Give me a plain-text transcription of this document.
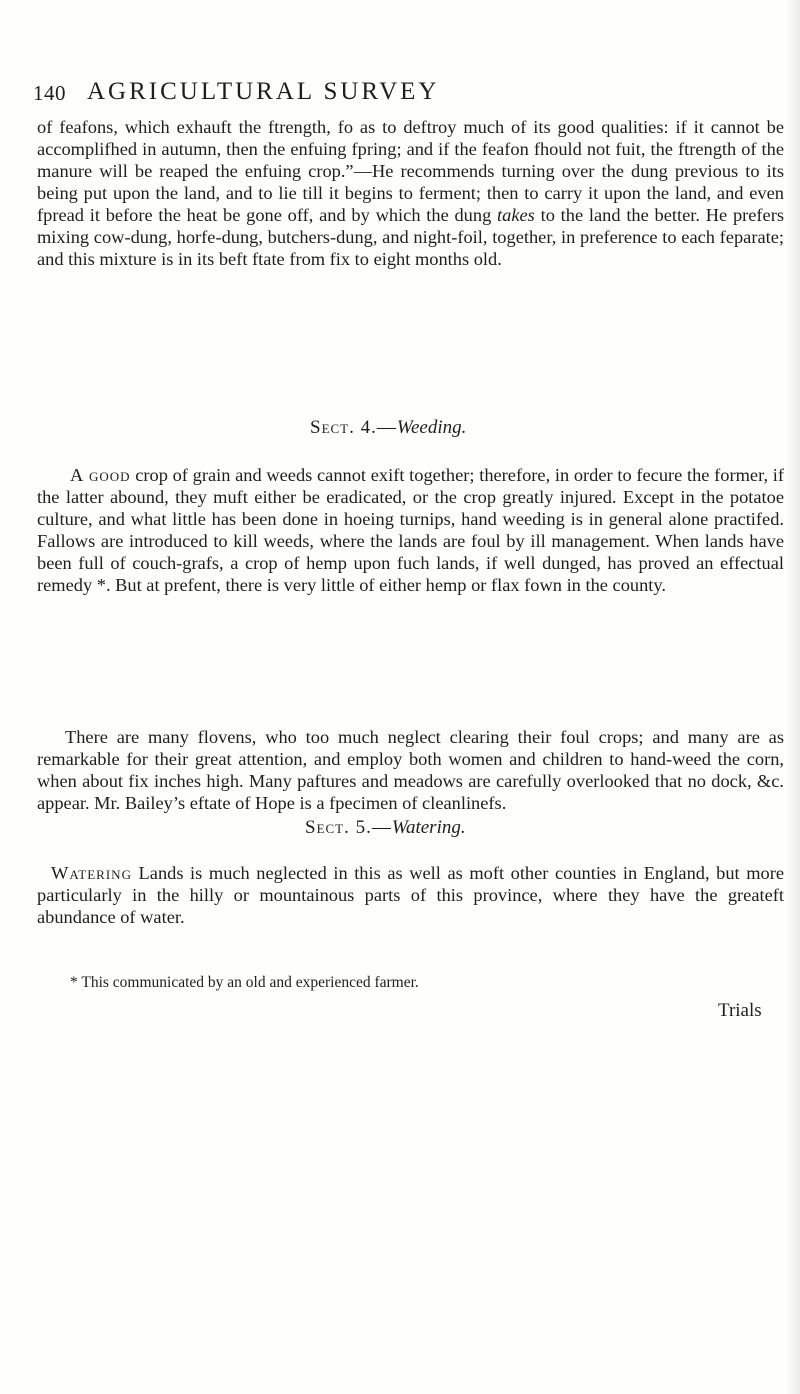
140 AGRICULTURAL SURVEY
of feafons, which exhauft the ftrength, fo as to deftroy much of its good qualities: if it cannot be accomplifhed in autumn, then the enfuing fpring; and if the feafon fhould not fuit, the ftrength of the manure will be reaped the enfuing crop.”—He recommends turning over the dung previous to its being put upon the land, and to lie till it begins to ferment; then to carry it upon the land, and even fpread it before the heat be gone off, and by which the dung takes to the land the better. He prefers mixing cow-dung, horfe-dung, butchers-dung, and night-foil, together, in preference to each feparate; and this mixture is in its beft ftate from fix to eight months old.
Sect. 4.—Weeding.
A good crop of grain and weeds cannot exift together; therefore, in order to fecure the former, if the latter abound, they muft either be eradicated, or the crop greatly injured. Except in the potatoe culture, and what little has been done in hoeing turnips, hand weeding is in general alone practifed. Fallows are introduced to kill weeds, where the lands are foul by ill management. When lands have been full of couch-grafs, a crop of hemp upon fuch lands, if well dunged, has proved an effectual remedy *. But at prefent, there is very little of either hemp or flax fown in the county.
There are many flovens, who too much neglect clearing their foul crops; and many are as remarkable for their great attention, and employ both women and children to hand-weed the corn, when about fix inches high. Many paftures and meadows are carefully overlooked that no dock, &c. appear. Mr. Bailey’s eftate of Hope is a fpecimen of cleanlinefs.
Sect. 5.—Watering.
Watering Lands is much neglected in this as well as moft other counties in England, but more particularly in the hilly or mountainous parts of this province, where they have the greateft abundance of water.
* This communicated by an old and experienced farmer.
Trials
